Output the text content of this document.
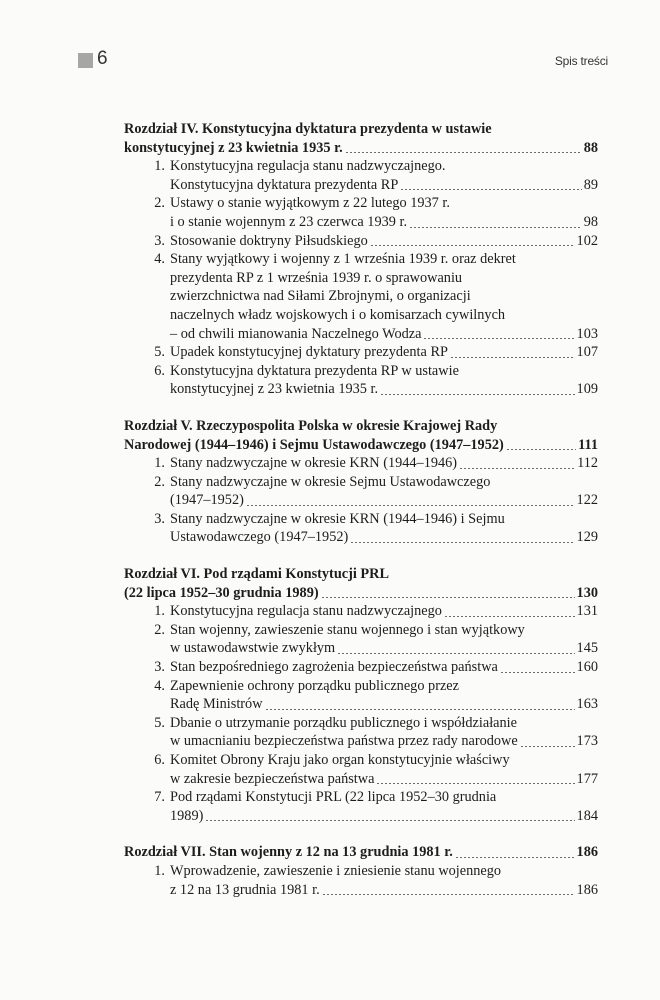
6	Spis treści
Rozdział IV. Konstytucyjna dyktatura prezydenta w ustawie
konstytucyjnej z 23 kwietnia 1935 r.	88
1. Konstytucyjna regulacja stanu nadzwyczajnego.
Konstytucyjna dyktatura prezydenta RP	89
2. Ustawy o stanie wyjątkowym z 22 lutego 1937 r.
i o stanie wojennym z 23 czerwca 1939 r.	98
3. Stosowanie doktryny Piłsudskiego	102
4. Stany wyjątkowy i wojenny z 1 września 1939 r. oraz dekret
prezydenta RP z 1 września 1939 r. o sprawowaniu
zwierzchnictwa nad Siłami Zbrojnymi, o organizacji
naczelnych władz wojskowych i o komisarzach cywilnych
– od chwili mianowania Naczelnego Wodza	103
5. Upadek konstytucyjnej dyktatury prezydenta RP	107
6. Konstytucyjna dyktatura prezydenta RP w ustawie
konstytucyjnej z 23 kwietnia 1935 r.	109
Rozdział V. Rzeczypospolita Polska w okresie Krajowej Rady
Narodowej (1944–1946) i Sejmu Ustawodawczego (1947–1952)	111
1. Stany nadzwyczajne w okresie KRN (1944–1946)	112
2. Stany nadzwyczajne w okresie Sejmu Ustawodawczego
(1947–1952)	122
3. Stany nadzwyczajne w okresie KRN (1944–1946) i Sejmu
Ustawodawczego (1947–1952)	129
Rozdział VI. Pod rządami Konstytucji PRL
(22 lipca 1952–30 grudnia 1989)	130
1. Konstytucyjna regulacja stanu nadzwyczajnego	131
2. Stan wojenny, zawieszenie stanu wojennego i stan wyjątkowy
w ustawodawstwie zwykłym	145
3. Stan bezpośredniego zagrożenia bezpieczeństwa państwa	160
4. Zapewnienie ochrony porządku publicznego przez
Radę Ministrów	163
5. Dbanie o utrzymanie porządku publicznego i współdziałanie
w umacnianiu bezpieczeństwa państwa przez rady narodowe	173
6. Komitet Obrony Kraju jako organ konstytucyjnie właściwy
w zakresie bezpieczeństwa państwa	177
7. Pod rządami Konstytucji PRL (22 lipca 1952–30 grudnia
1989)	184
Rozdział VII. Stan wojenny z 12 na 13 grudnia 1981 r.	186
1. Wprowadzenie, zawieszenie i zniesienie stanu wojennego
z 12 na 13 grudnia 1981 r.	186
